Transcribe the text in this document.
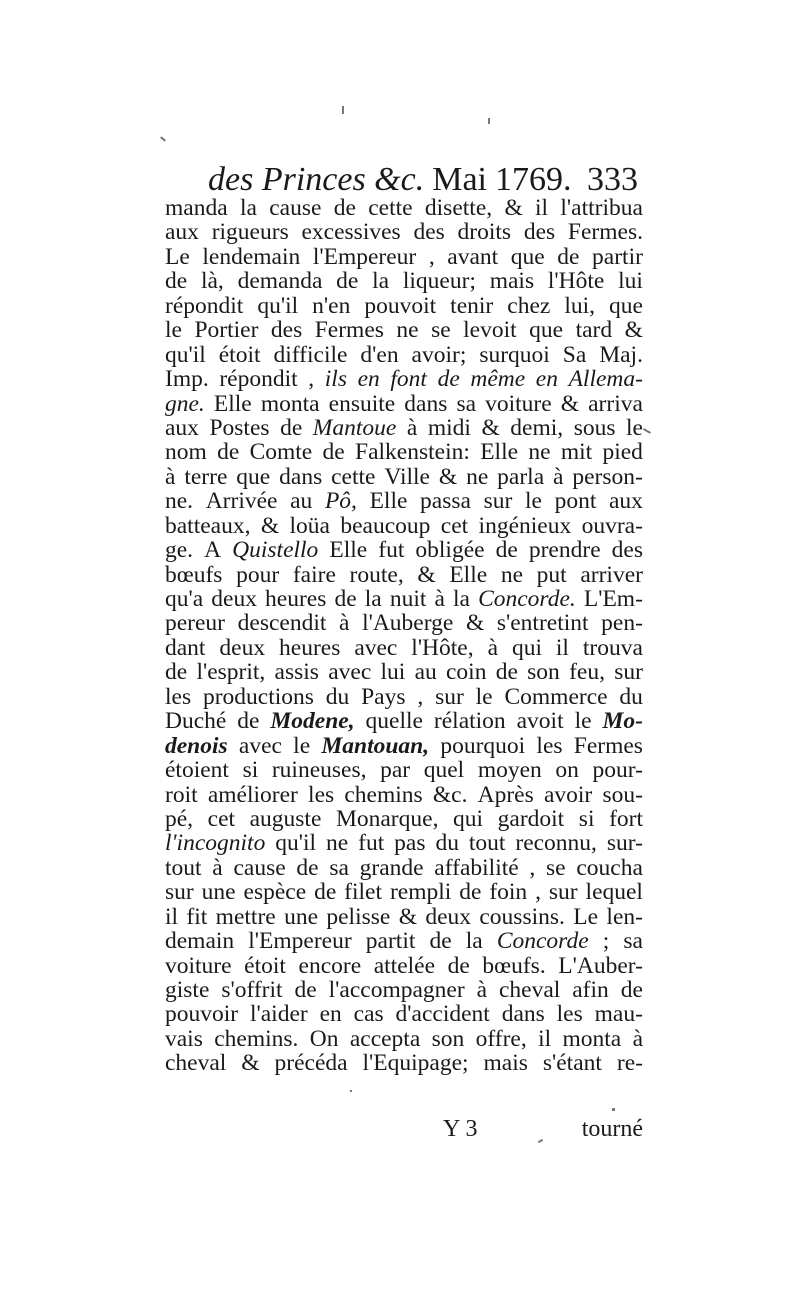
des Princes &c. Mai 1769. 333
manda la cause de cette disette, & il l'attribua
aux rigueurs excessives des droits des Fermes.
Le lendemain l'Empereur , avant que de partir
de là, demanda de la liqueur; mais l'Hôte lui
répondit qu'il n'en pouvoit tenir chez lui, que
le Portier des Fermes ne se levoit que tard &
qu'il étoit difficile d'en avoir; surquoi Sa Maj.
Imp. répondit , ils en font de même en Allema-
gne. Elle monta ensuite dans sa voiture & arriva
aux Postes de Mantoue à midi & demi, sous le
nom de Comte de Falkenstein: Elle ne mit pied
à terre que dans cette Ville & ne parla à person-
ne. Arrivée au Pô, Elle passa sur le pont aux
batteaux, & loüa beaucoup cet ingénieux ouvra-
ge. A Quistello Elle fut obligée de prendre des
bœufs pour faire route, & Elle ne put arriver
qu'a deux heures de la nuit à la Concorde. L'Em-
pereur descendit à l'Auberge & s'entretint pen-
dant deux heures avec l'Hôte, à qui il trouva
de l'esprit, assis avec lui au coin de son feu, sur
les productions du Pays , sur le Commerce du
Duché de Modene, quelle rélation avoit le Mo-
denois avec le Mantouan, pourquoi les Fermes
étoient si ruineuses, par quel moyen on pour-
roit améliorer les chemins &c. Après avoir sou-
pé, cet auguste Monarque, qui gardoit si fort
l'incognito qu'il ne fut pas du tout reconnu, sur-
tout à cause de sa grande affabilité , se coucha
sur une espèce de filet rempli de foin , sur lequel
il fit mettre une pelisse & deux coussins. Le len-
demain l'Empereur partit de la Concorde ; sa
voiture étoit encore attelée de bœufs. L'Auber-
giste s'offrit de l'accompagner à cheval afin de
pouvoir l'aider en cas d'accident dans les mau-
vais chemins. On accepta son offre, il monta à
cheval & précéda l'Equipage; mais s'étant re-
Y 3	tourné
